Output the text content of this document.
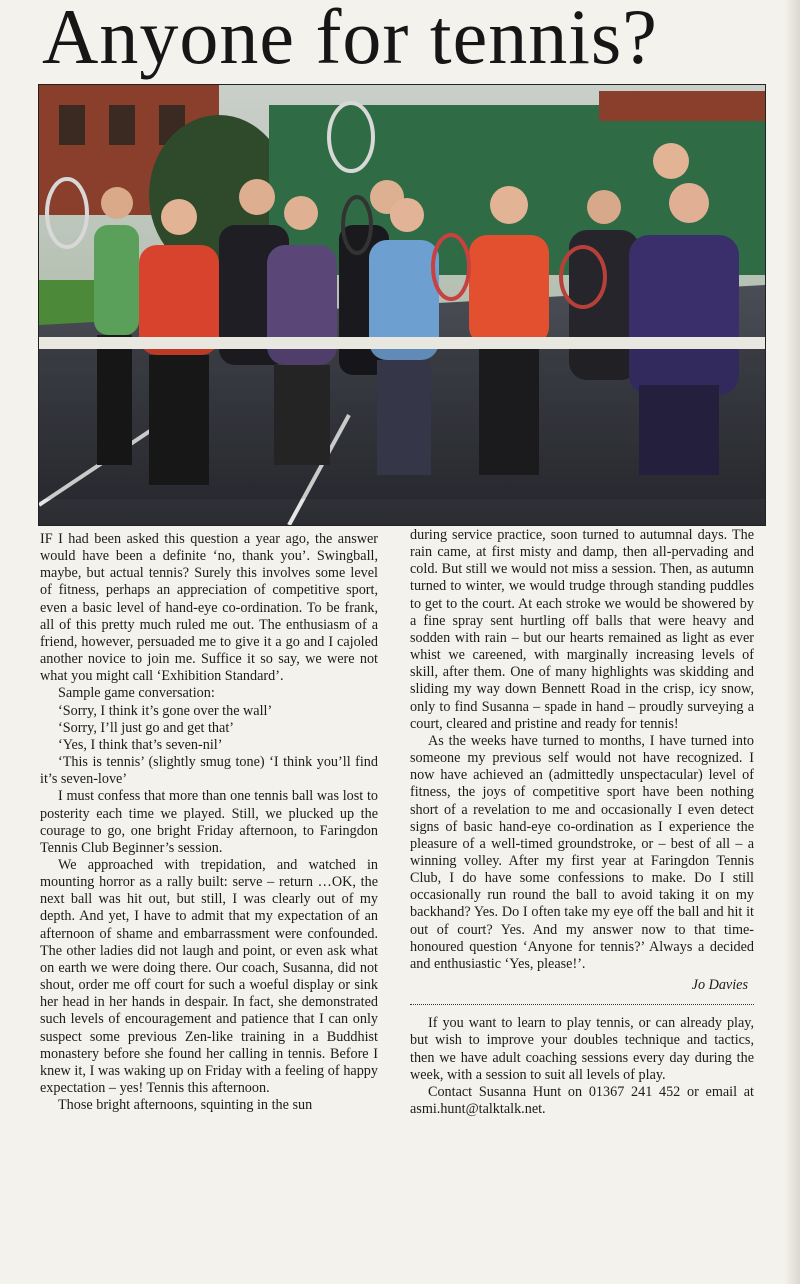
Anyone for tennis?

IF I had been asked this question a year ago, the answer would have been a definite ‘no, thank you’. Swingball, maybe, but actual tennis? Surely this involves some level of fitness, perhaps an appreciation of competitive sport, even a basic level of hand-eye co-ordination. To be frank, all of this pretty much ruled me out. The enthusiasm of a friend, however, persuaded me to give it a go and I cajoled another novice to join me. Suffice it so say, we were not what you might call ‘Exhibition Standard’.

Sample game conversation:

‘Sorry, I think it’s gone over the wall’

‘Sorry, I’ll just go and get that’

‘Yes, I think that’s seven-nil’

‘This is tennis’ (slightly smug tone) ‘I think you’ll find it’s seven-love’

I must confess that more than one tennis ball was lost to posterity each time we played. Still, we plucked up the courage to go, one bright Friday afternoon, to Faringdon Tennis Club Beginner’s session.

We approached with trepidation, and watched in mounting horror as a rally built: serve – return …OK, the next ball was hit out, but still, I was clearly out of my depth. And yet, I have to admit that my expectation of an afternoon of shame and embarrassment were confounded. The other ladies did not laugh and point, or even ask what on earth we were doing there. Our coach, Susanna, did not shout, order me off court for such a woeful display or sink her head in her hands in despair. In fact, she demonstrated such levels of encouragement and patience that I can only suspect some previous Zen-like training in a Buddhist monastery before she found her calling in tennis. Before I knew it, I was waking up on Friday with a feeling of happy expectation – yes! Tennis this afternoon.

Those bright afternoons, squinting in the sun

during service practice, soon turned to autumnal days. The rain came, at first misty and damp, then all-pervading and cold. But still we would not miss a session. Then, as autumn turned to winter, we would trudge through standing puddles to get to the court. At each stroke we would be showered by a fine spray sent hurtling off balls that were heavy and sodden with rain – but our hearts remained as light as ever whist we careened, with marginally increasing levels of skill, after them. One of many highlights was skidding and sliding my way down Bennett Road in the crisp, icy snow, only to find Susanna – spade in hand – proudly surveying a court, cleared and pristine and ready for tennis!

As the weeks have turned to months, I have turned into someone my previous self would not have recognized. I now have achieved an (admittedly unspectacular) level of fitness, the joys of competitive sport have been nothing short of a revelation to me and occasionally I even detect signs of basic hand-eye co-ordination as I experience the pleasure of a well-timed groundstroke, or – best of all – a winning volley. After my first year at Faringdon Tennis Club, I do have some confessions to make. Do I still occasionally run round the ball to avoid taking it on my backhand? Yes. Do I often take my eye off the ball and hit it out of court? Yes. And my answer now to that time-honoured question ‘Anyone for tennis?’ Always a decided and enthusiastic ‘Yes, please!’.

Jo Davies

If you want to learn to play tennis, or can already play, but wish to improve your doubles technique and tactics, then we have adult coaching sessions every day during the week, with a session to suit all levels of play.

Contact Susanna Hunt on 01367 241 452 or email at asmi.hunt@talktalk.net.
